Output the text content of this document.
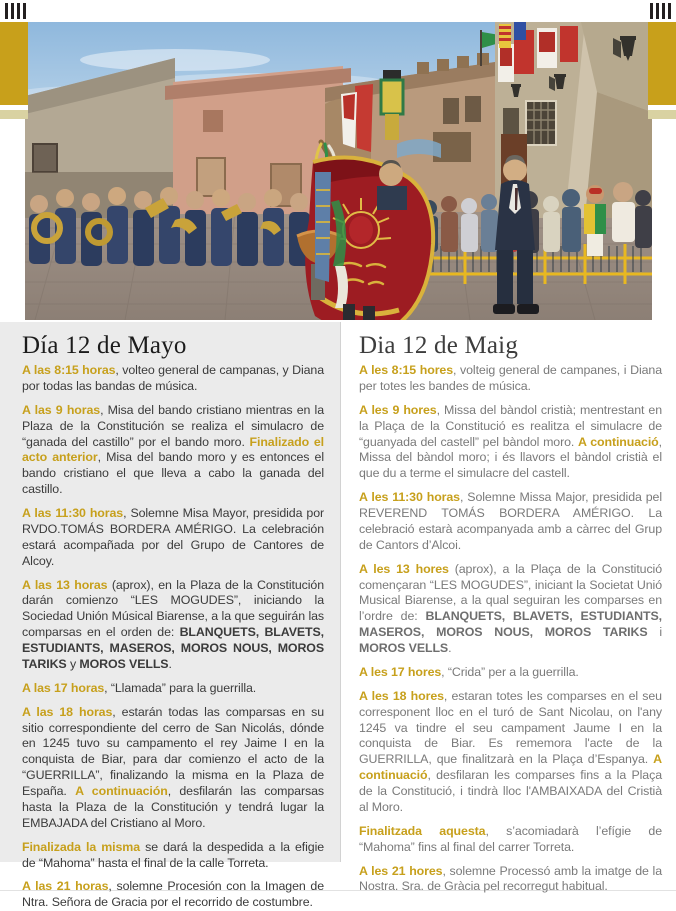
Día 12 de Mayo

A las 8:15 horas, volteo general de campanas, y Diana por todas las bandas de música.

A las 9 horas, Misa del bando cristiano mientras en la Plaza de la Constitución se realiza el simulacro de “ganada del castillo” por el bando moro. Finalizado el acto anterior, Misa del bando moro y es entonces el bando cristiano el que lleva a cabo la ganada del castillo.

A las 11:30 horas, Solemne Misa Mayor, presidida por RVDO.TOMÁS BORDERA AMÉRIGO. La celebración estará acompañada por del Grupo de Cantores de Alcoy.

A las 13 horas (aprox), en la Plaza de la Constitución darán comienzo “LES MOGUDES”, iniciando la Sociedad Unión Músical Biarense, a la que seguirán las comparsas en el orden de: BLANQUETS, BLAVETS, ESTUDIANTS, MASEROS, MOROS NOUS, MOROS TARIKS y MOROS VELLS.

A las 17 horas, “Llamada” para la guerrilla.

A las 18 horas, estarán todas las comparsas en su sitio correspondiente del cerro de San Nicolás, dónde en 1245 tuvo su campamento el rey Jaime I en la conquista de Biar, para dar comienzo el acto de la “GUERRILLA”, finalizando la misma en la Plaza de España. A continuación, desfilarán las comparsas hasta la Plaza de la Constitución y tendrá lugar la EMBAJADA del Cristiano al Moro.

Finalizada la misma se dará la despedida a la efigie de “Mahoma” hasta el final de la calle Torreta.

A las 21 horas, solemne Procesión con la Imagen de Ntra. Señora de Gracia por el recorrido de costumbre.

Dia 12 de Maig

A les 8:15 hores, volteig general de campanes, i Diana per totes les bandes de música.

A les 9 hores, Missa del bàndol cristià; mentrestant en la Plaça de la Constitució es realitza el simulacre de “guanyada del castell” pel bàndol moro. A continuació, Missa del bàndol moro; i és llavors el bàndol cristià el que du a terme el simulacre del castell.

A les 11:30 horas, Solemne Missa Major, presidida pel REVEREND TOMÁS BORDERA AMÉRIGO. La celebració estarà acompanyada amb a càrrec del Grup de Cantors d’Alcoi.

A les 13 hores (aprox), a la Plaça de la Constitució començaran “LES MOGUDES”, iniciant la Societat Unió Musical Biarense, a la qual seguiran les comparses en l’ordre de: BLANQUETS, BLAVETS, ESTUDIANTS, MASEROS, MOROS NOUS, MOROS TARIKS i MOROS VELLS.

A les 17 hores, “Crida” per a la guerrilla.

A les 18 hores, estaran totes les comparses en el seu corresponent lloc en el turó de Sant Nicolau, on l'any 1245 va tindre el seu campament Jaume I en la conquista de Biar. Es rememora l'acte de la GUERRILLA, que finalitzarà en la Plaça d’Espanya. A continuació, desfilaran les comparses fins a la Plaça de la Constitució, i tindrà lloc l'AMBAIXADA del Cristià al Moro.

Finalitzada aquesta, s’acomiadarà l’efígie de “Mahoma” fins al final del carrer Torreta.

A les 21 hores, solemne Processó amb la imatge de la Nostra. Sra. de Gràcia pel recorregut habitual.
